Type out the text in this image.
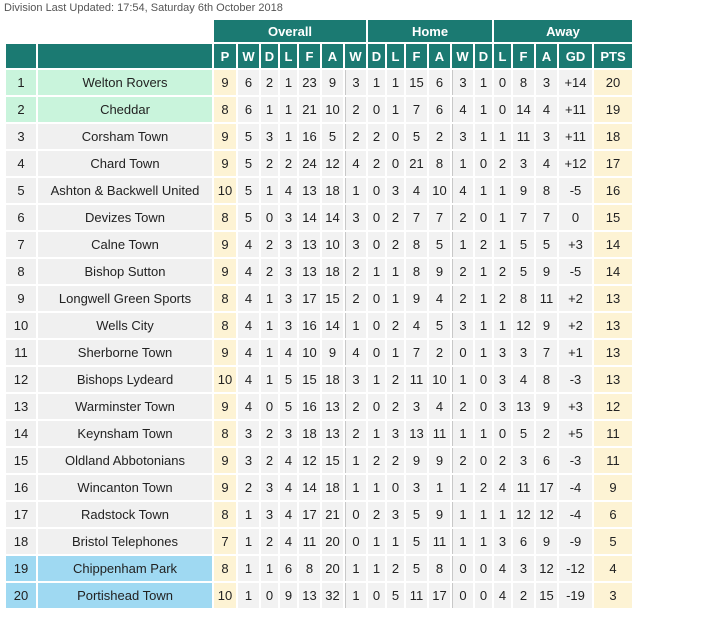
Division Last Updated: 17:54, Saturday 6th October 2018
		Overall							Home						Away					
		P	W	D	L	F	A	W	D	L	F	A	W	D	L	F	A	GD	PTS	
1	Welton Rovers	9	6	2	1	23	9	3	1	1	15	6	3	1	0	8	3	+14	20	
2	Cheddar	8	6	1	1	21	10	2	0	1	7	6	4	1	0	14	4	+11	19	
3	Corsham Town	9	5	3	1	16	5	2	2	0	5	2	3	1	1	11	3	+11	18	
4	Chard Town	9	5	2	2	24	12	4	2	0	21	8	1	0	2	3	4	+12	17	
5	Ashton & Backwell United	10	5	1	4	13	18	1	0	3	4	10	4	1	1	9	8	-5	16	
6	Devizes Town	8	5	0	3	14	14	3	0	2	7	7	2	0	1	7	7	0	15	
7	Calne Town	9	4	2	3	13	10	3	0	2	8	5	1	2	1	5	5	+3	14	
8	Bishop Sutton	9	4	2	3	13	18	2	1	1	8	9	2	1	2	5	9	-5	14	
9	Longwell Green Sports	8	4	1	3	17	15	2	0	1	9	4	2	1	2	8	11	+2	13	
10	Wells City	8	4	1	3	16	14	1	0	2	4	5	3	1	1	12	9	+2	13	
11	Sherborne Town	9	4	1	4	10	9	4	0	1	7	2	0	1	3	3	7	+1	13	
12	Bishops Lydeard	10	4	1	5	15	18	3	1	2	11	10	1	0	3	4	8	-3	13	
13	Warminster Town	9	4	0	5	16	13	2	0	2	3	4	2	0	3	13	9	+3	12	
14	Keynsham Town	8	3	2	3	18	13	2	1	3	13	11	1	1	0	5	2	+5	11	
15	Oldland Abbotonians	9	3	2	4	12	15	1	2	2	9	9	2	0	2	3	6	-3	11	
16	Wincanton Town	9	2	3	4	14	18	1	1	0	3	1	1	2	4	11	17	-4	9	
17	Radstock Town	8	1	3	4	17	21	0	2	3	5	9	1	1	1	12	12	-4	6	
18	Bristol Telephones	7	1	2	4	11	20	0	1	1	5	11	1	1	3	6	9	-9	5	
19	Chippenham Park	8	1	1	6	8	20	1	1	2	5	8	0	0	4	3	12	-12	4	
20	Portishead Town	10	1	0	9	13	32	1	0	5	11	17	0	0	4	2	15	-19	3	
